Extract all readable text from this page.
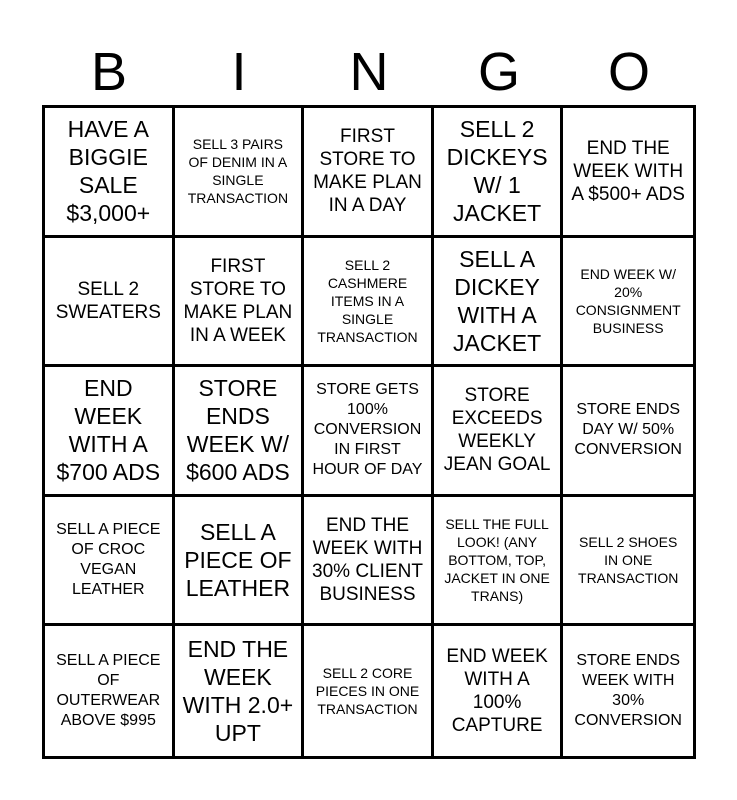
B	I	N	G	O
HAVE A BIGGIE SALE $3,000+
SELL 3 PAIRS OF DENIM IN A SINGLE TRANSACTION
FIRST STORE TO MAKE PLAN IN A DAY
SELL 2 DICKEYS W/ 1 JACKET
END THE WEEK WITH A $500+ ADS
SELL 2 SWEATERS
FIRST STORE TO MAKE PLAN IN A WEEK
SELL 2 CASHMERE ITEMS IN A SINGLE TRANSACTION
SELL A DICKEY WITH A JACKET
END WEEK W/ 20% CONSIGNMENT BUSINESS
END WEEK WITH A $700 ADS
STORE ENDS WEEK W/ $600 ADS
STORE GETS 100% CONVERSION IN FIRST HOUR OF DAY
STORE EXCEEDS WEEKLY JEAN GOAL
STORE ENDS DAY W/ 50% CONVERSION
SELL A PIECE OF CROC VEGAN LEATHER
SELL A PIECE OF LEATHER
END THE WEEK WITH 30% CLIENT BUSINESS
SELL THE FULL LOOK! (ANY BOTTOM, TOP, JACKET IN ONE TRANS)
SELL 2 SHOES IN ONE TRANSACTION
SELL A PIECE OF OUTERWEAR ABOVE $995
END THE WEEK WITH 2.0+ UPT
SELL 2 CORE PIECES IN ONE TRANSACTION
END WEEK WITH A 100% CAPTURE
STORE ENDS WEEK WITH 30% CONVERSION
